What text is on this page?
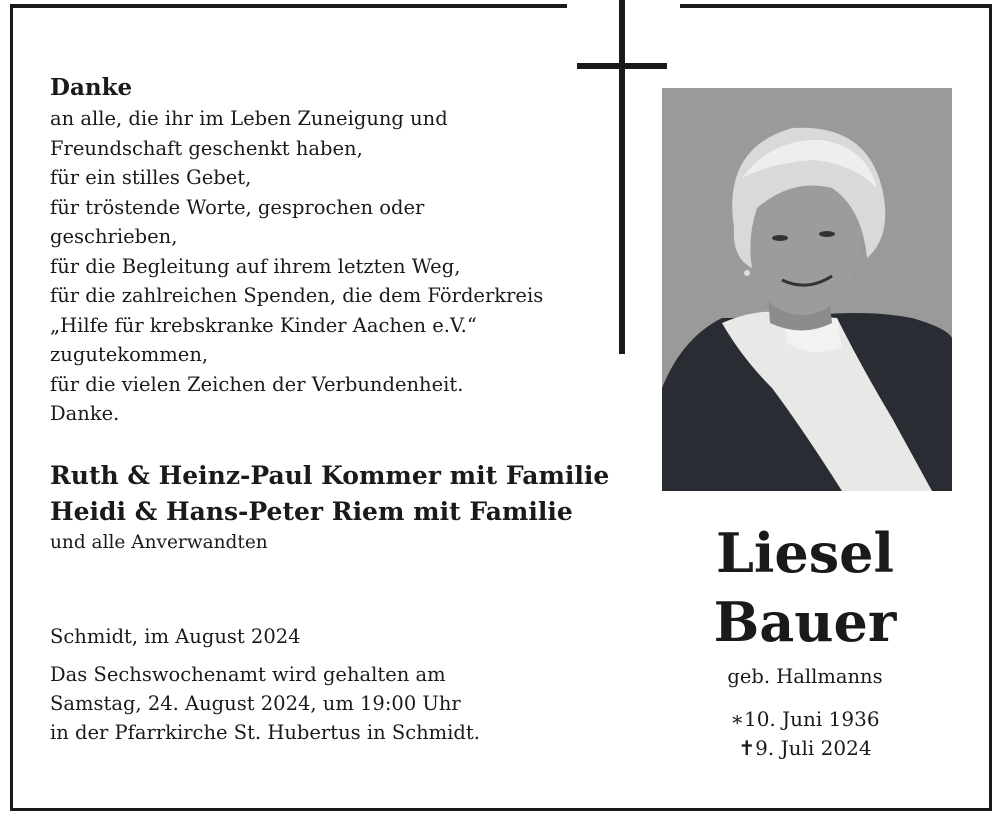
Danke
an alle, die ihr im Leben Zuneigung und
Freundschaft geschenkt haben,
für ein stilles Gebet,
für tröstende Worte, gesprochen oder
geschrieben,
für die Begleitung auf ihrem letzten Weg,
für die zahlreichen Spenden, die dem Förderkreis
„Hilfe für krebskranke Kinder Aachen e.V.“
zugutekommen,
für die vielen Zeichen der Verbundenheit.
Danke.
Ruth & Heinz-Paul Kommer mit Familie
Heidi & Hans-Peter Riem mit Familie
und alle Anverwandten
Schmidt, im August 2024
Das Sechswochenamt wird gehalten am
Samstag, 24. August 2024, um 19:00 Uhr
in der Pfarrkirche St. Hubertus in Schmidt.
Liesel
Bauer
geb. Hallmanns
∗10. Juni 1936
✝9. Juli 2024
